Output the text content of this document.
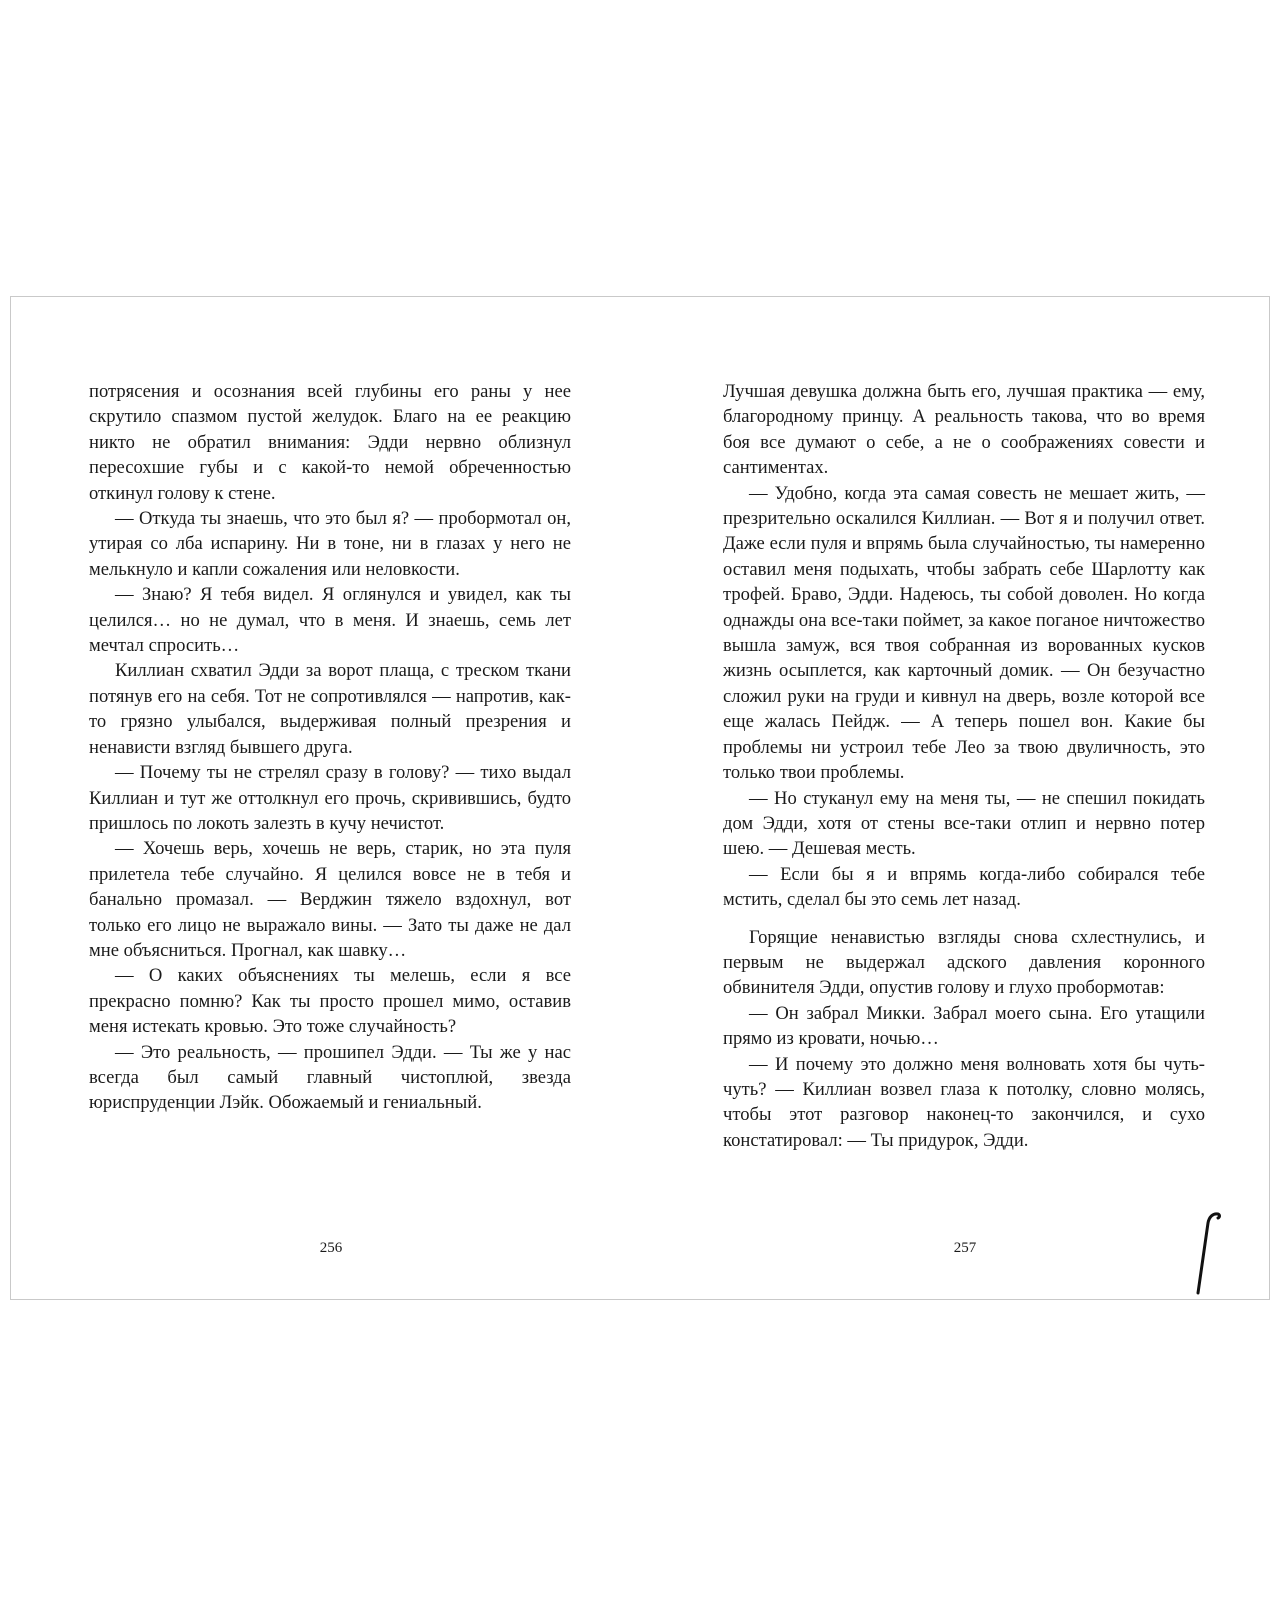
потрясения и осознания всей глубины его раны у нее скрутило спазмом пустой желудок. Благо на ее реакцию никто не обратил внимания: Эдди нервно облизнул пересохшие губы и с какой-то немой обреченностью откинул голову к стене.

— Откуда ты знаешь, что это был я? — пробормотал он, утирая со лба испарину. Ни в тоне, ни в глазах у него не мелькнуло и капли сожаления или неловкости.

— Знаю? Я тебя видел. Я оглянулся и увидел, как ты целился… но не думал, что в меня. И знаешь, семь лет мечтал спросить…

Киллиан схватил Эдди за ворот плаща, с треском ткани потянув его на себя. Тот не сопротивлялся — напротив, как-то грязно улыбался, выдерживая полный презрения и ненависти взгляд бывшего друга.

— Почему ты не стрелял сразу в голову? — тихо выдал Киллиан и тут же оттолкнул его прочь, скривившись, будто пришлось по локоть залезть в кучу нечистот.

— Хочешь верь, хочешь не верь, старик, но эта пуля прилетела тебе случайно. Я целился вовсе не в тебя и банально промазал. — Верджин тяжело вздохнул, вот только его лицо не выражало вины. — Зато ты даже не дал мне объясниться. Прогнал, как шавку…

— О каких объяснениях ты мелешь, если я все прекрасно помню? Как ты просто прошел мимо, оставив меня истекать кровью. Это тоже случайность?

— Это реальность, — прошипел Эдди. — Ты же у нас всегда был самый главный чистоплюй, звезда юриспруденции Лэйк. Обожаемый и гениальный.

Лучшая девушка должна быть его, лучшая практика — ему, благородному принцу. А реальность такова, что во время боя все думают о себе, а не о соображениях совести и сантиментах.

— Удобно, когда эта самая совесть не мешает жить, — презрительно оскалился Киллиан. — Вот я и получил ответ. Даже если пуля и впрямь была случайностью, ты намеренно оставил меня подыхать, чтобы забрать себе Шарлотту как трофей. Браво, Эдди. Надеюсь, ты собой доволен. Но когда однажды она все-таки поймет, за какое поганое ничтожество вышла замуж, вся твоя собранная из ворованных кусков жизнь осыплется, как карточный домик. — Он безучастно сложил руки на груди и кивнул на дверь, возле которой все еще жалась Пейдж. — А теперь пошел вон. Какие бы проблемы ни устроил тебе Лео за твою двуличность, это только твои проблемы.

— Но стуканул ему на меня ты, — не спешил покидать дом Эдди, хотя от стены все-таки отлип и нервно потер шею. — Дешевая месть.

— Если бы я и впрямь когда-либо собирался тебе мстить, сделал бы это семь лет назад.

Горящие ненавистью взгляды снова схлестнулись, и первым не выдержал адского давления коронного обвинителя Эдди, опустив голову и глухо пробормотав:

— Он забрал Микки. Забрал моего сына. Его утащили прямо из кровати, ночью…

— И почему это должно меня волновать хотя бы чуть-чуть? — Киллиан возвел глаза к потолку, словно молясь, чтобы этот разговор наконец-то закончился, и сухо констатировал: — Ты придурок, Эдди.

256	257
